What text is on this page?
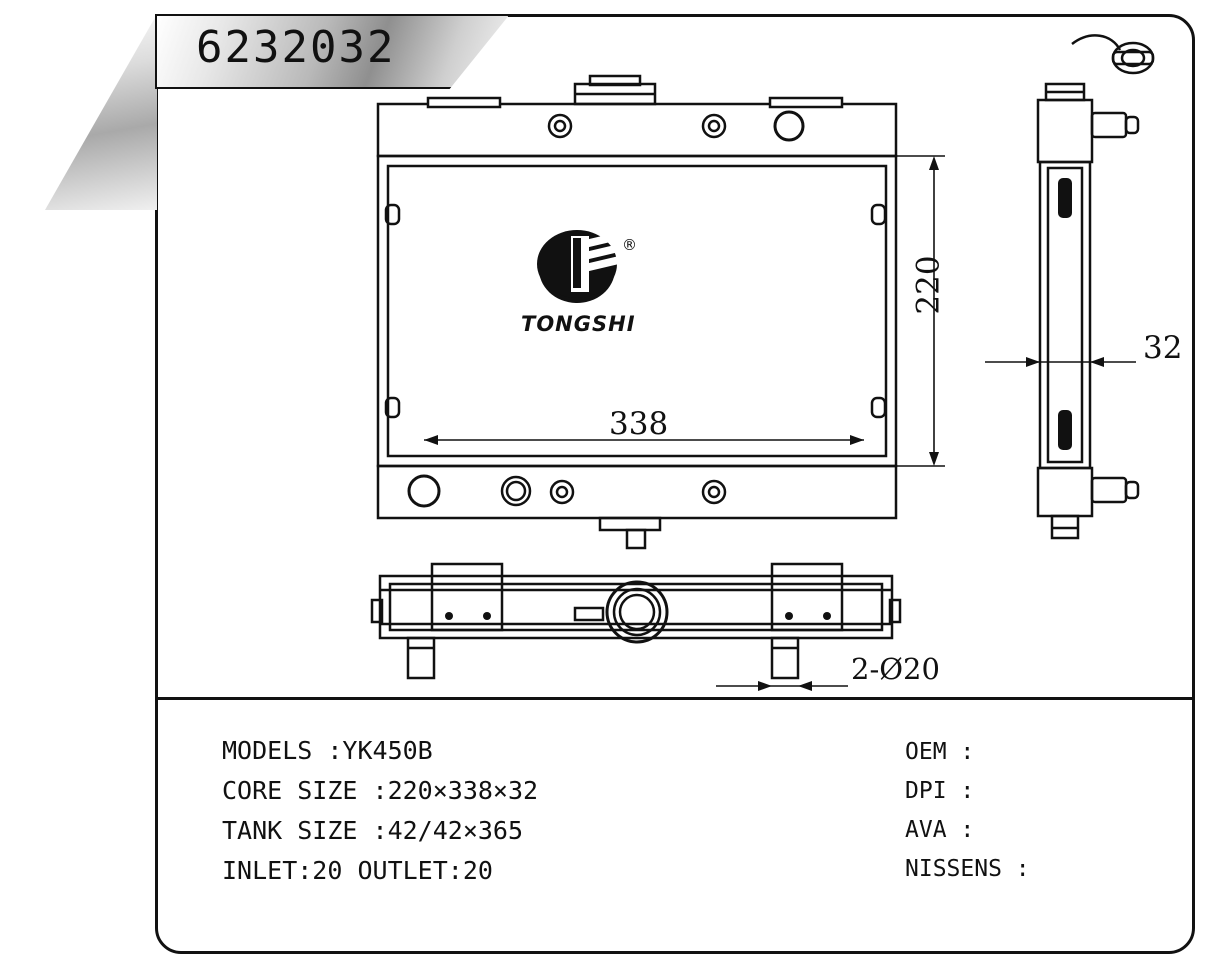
6232032
®
TONGSHI
220
338
32
2-Ø20
MODELS :YK450B
CORE SIZE :220×338×32
TANK SIZE :42/42×365
INLET:20 OUTLET:20
OEM :
DPI :
AVA :
NISSENS :
